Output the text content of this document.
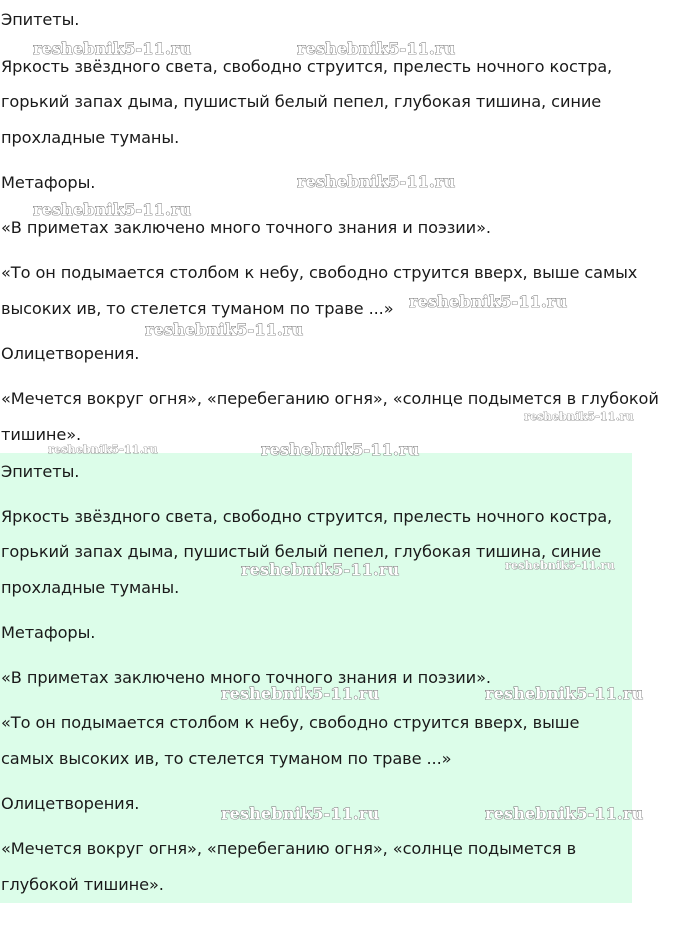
Эпитеты.
Яркость звёздного света, свободно струится, прелесть ночного костра,
горький запах дыма, пушистый белый пепел, глубокая тишина, синие
прохладные туманы.
Метафоры.
«В приметах заключено много точного знания и поэзии».
«То он подымается столбом к небу, свободно струится вверх, выше самых
высоких ив, то стелется туманом по траве ...»
Олицетворения.
«Мечется вокруг огня», «перебеганию огня», «солнце подымется в глубокой
тишине».
Эпитеты.
Яркость звёздного света, свободно струится, прелесть ночного костра,
горький запах дыма, пушистый белый пепел, глубокая тишина, синие
прохладные туманы.
Метафоры.
«В приметах заключено много точного знания и поэзии».
«То он подымается столбом к небу, свободно струится вверх, выше
самых высоких ив, то стелется туманом по траве ...»
Олицетворения.
«Мечется вокруг огня», «перебеганию огня», «солнце подымется в
глубокой тишине».
reshebnik5-11.ru	reshebnik5-11.ru
reshebnik5-11.ru
reshebnik5-11.ru
reshebnik5-11.ru
reshebnik5-11.ru
reshebnik5-11.ru
reshebnik5-11.ru	reshebnik5-11.ru
reshebnik5-11.ru	reshebnik5-11.ru
reshebnik5-11.ru	reshebnik5-11.ru
reshebnik5-11.ru	reshebnik5-11.ru
